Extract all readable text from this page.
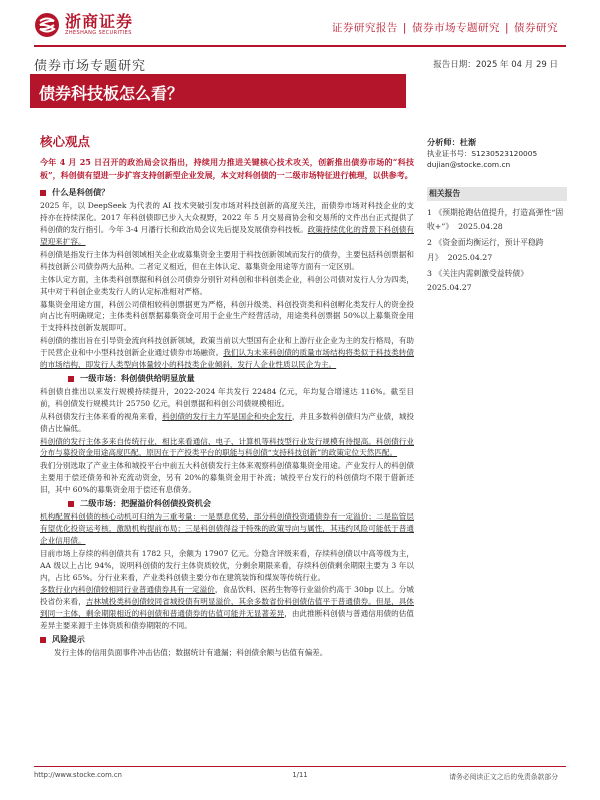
浙商证券
ZHESHANG SECURITIES	证券研究报告 | 债券市场专题研究 | 债券研究
债券市场专题研究	报告日期：2025 年 04 月 29 日
债券科技板怎么看？
核心观点

今年 4 月 25 日召开的政治局会议指出，持续用力推进关键核心技术攻关，创新推出债券市场的“科技板”，科创债有望进一步扩容支持创新型企业发展，本文对科创债的一二级市场特征进行梳理，以供参考。

什么是科创债？

2025 年，以 DeepSeek 为代表的 AI 技术突破引发市场对科技创新的高度关注，而债券市场对科技企业的支持亦在持续深化。2017 年科创债即已步入大众视野，2022 年 5 月交易商协会和交易所的文件出台正式提供了科创债的发行指引。今年 3-4 月潘行长和政治局会议先后提及发展债券科技板。政策持续优化的背景下科创债有望迎来扩容。

科创债是指发行主体为科创领域相关企业或募集资金主要用于科技创新领域而发行的债券，主要包括科创票据和科技创新公司债券两大品种。二者定义相近，但在主体认定、募集资金用途等方面有一定区别。

主体认定方面，主体类科创票据和科创公司债券分别针对科创和非科创类企业，科创公司债对发行人分为四类，其中对于科创企业类发行人的认定标准相对严格。

募集资金用途方面，科创公司债相较科创票据更为严格，科创升级类、科创投资类和科创孵化类发行人的资金投向占比有明确规定；主体类科创票据募集资金可用于企业生产经营活动，用途类科创票据 50%以上募集资金用于支持科技创新发展即可。

科创债的推出旨在引导资金流向科技创新领域，政策当前以大型国有企业和上游行业企业为主的发行格局，有助于民营企业和中小型科技创新企业通过债券市场融资。我们认为未来科创债的质量市场结构将类似于科技类转债的市场结构，即发行人类型向体量较小的科技类企业倾斜，发行人企业性质以民企为主。

一级市场：科创债供给明显放量

科创债自推出以来发行规模持续提升，2022-2024 年共发行 22484 亿元，年均复合增速达 116%。截至目前，科创债发行规模共计 25750 亿元，科创票据和科创公司债规模相近。

从科创债发行主体来看的视角来看，科创债的发行主力军是国企和央企发行，并且多数科创债归为产业债，城投债占比偏低。

科创债的发行主体多来自传统行业，相比来看通信、电子、计算机等科技型行业发行规模有待提高。科创债行业分布与募投资金用途高度匹配，原因在于产投类平台的职能与科创债“支持科技创新”的政策定位天然匹配。

我们分别选取了产业主体和城投平台中前五大科创债发行主体来观察科创债募集资金用途。产业发行人的科创债主要用于偿还债务和补充流动资金，另有 20%的募集资金用于补流；城投平台发行的科创债均不限于借新还旧，其中 60%的募集资金用于偿还有息债务。

二级市场：把握溢价科创债投资机会

机构配置科创债的核心动机可归纳为三重考量：一是票息优势，部分科创债投资通债券有一定溢价；二是监管层有望优化投资运考核，激励机构提前布局；三是科创债得益于特殊的政策导向与属性，其违约风险可能低于普通企业信用债。

目前市场上存续的科创债共有 1782 只，余额为 17907 亿元。分隐含评级来看，存续科创债以中高等级为主，AA 级以上占比 94%，说明科创债的发行主体资质较优，分剩余期限来看，存续科创债剩余期限主要为 3 年以内，占比 65%。分行业来看，产业类科创债主要分布在建筑装饰和煤炭等传统行业。

多数行业内科创债较相同行业普通债券具有一定溢价，食品饮料、医药生物等行业溢价约高于 30bp 以上。分城投省份来看，吉林城投类科创债较同省城投债有明显溢价，其余多数省份科创债估值平于普通债券。但是，具体到同一主体，剩余期限相近的科创债和普通债券的估值可能并无显著差异，由此推断科创债与普通信用债的估值差异主要来源于主体资质和债券期限的不同。

风险提示

发行主体的信用负面事件冲击估值；数据统计有遗漏；科创债余额与估值有偏差。

分析师：杜渐
执业证书号：S1230523120005
dujian@stocke.com.cn
相关报告
1 《预期抢跑估值提升，打造高弹性“固收+”》 2025.04.28
2 《资金面均衡运行，预计平稳跨月》 2025.04.27
3 《关注内需刺激受益转债》
2025.04.27
http://www.stocke.com.cn	1/11	请务必阅读正文之后的免责条款部分
